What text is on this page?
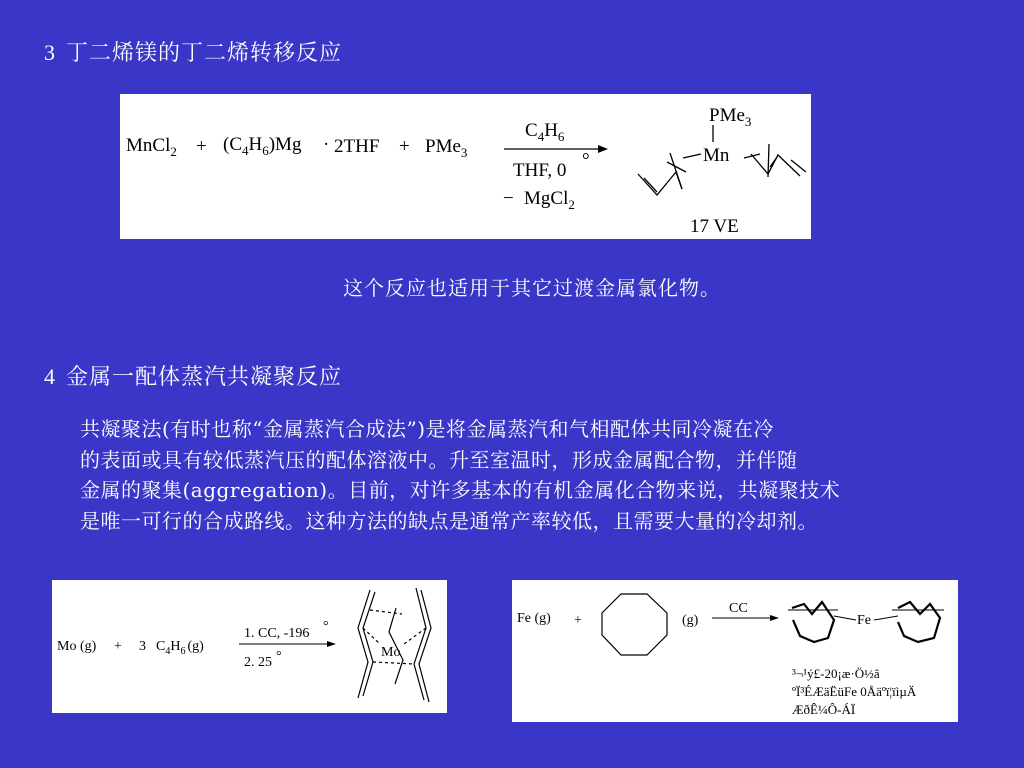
3 丁二烯镁的丁二烯转移反应
MnCl$_2$ + $(C_4H_6)Mg \cdot 2THF + PMe_3$
$C_4H_6$
THF, 0 °
− MgCl$_2$
PMe$_3$
Mn
17 VE
这个反应也适用于其它过渡金属氯化物。
4 金属一配体蒸汽共凝聚反应
共凝聚法(有时也称“金属蒸汽合成法”)是将金属蒸汽和气相配体共同冷凝在冷
的表面或具有较低蒸汽压的配体溶液中。升至室温时，形成金属配合物，并伴随
金属的聚集(aggregation)。目前，对许多基本的有机金属化合物来说，共凝聚技术
是唯一可行的合成路线。这种方法的缺点是通常产率较低，且需要大量的冷却剂。
Mo (g) + 3 $C_4H_6$ (g)
1. CC, -196 °
2. 25 °	Mo
Fe (g) +	(g)
CC
Fe
³¬¹ý£-20¡æ·Ö½â
ºÏ³ÉÆäËüFe 0Åäºï¦ïìµÄ
ÆðÊ¼Ô-ÁÏ
